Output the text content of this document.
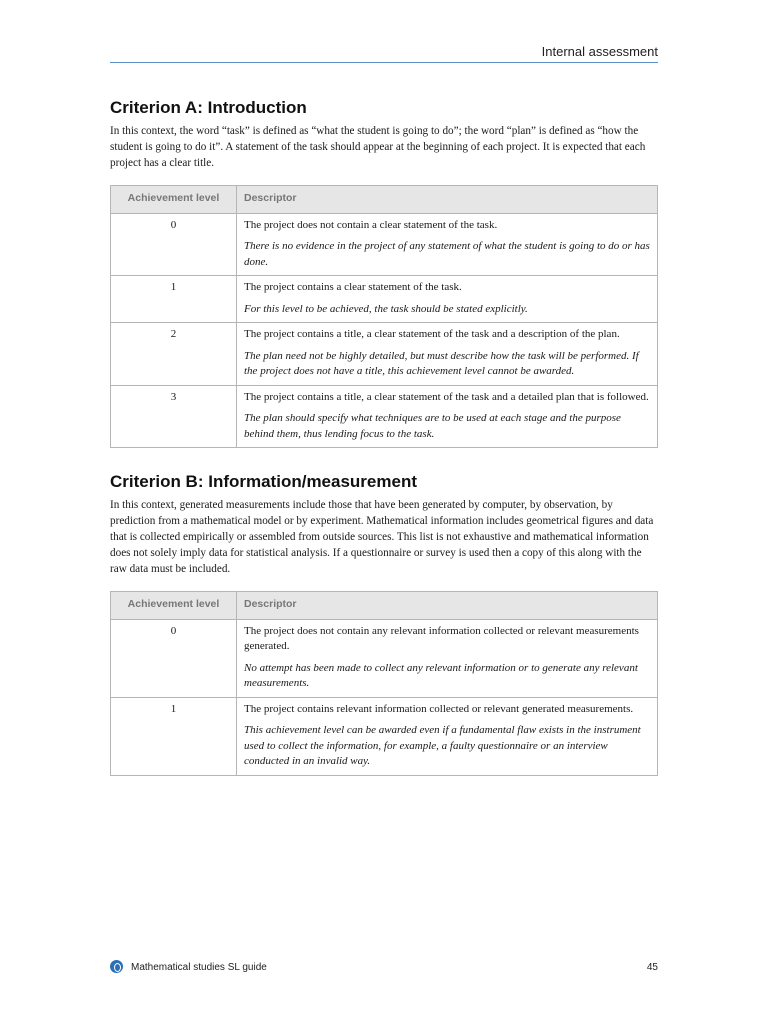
Internal assessment
Criterion A: Introduction

In this context, the word “task” is defined as “what the student is going to do”; the word “plan” is defined as “how the student is going to do it”. A statement of the task should appear at the beginning of each project. It is expected that each project has a clear title.

Achievement level	Descriptor
0	The project does not contain a clear statement of the task.

There is no evidence in the project of any statement of what the student is going to do or has done.

1	The project contains a clear statement of the task.

For this level to be achieved, the task should be stated explicitly.

2	The project contains a title, a clear statement of the task and a description of the plan.

The plan need not be highly detailed, but must describe how the task will be performed. If the project does not have a title, this achievement level cannot be awarded.

3	The project contains a title, a clear statement of the task and a detailed plan that is followed.

The plan should specify what techniques are to be used at each stage and the purpose behind them, thus lending focus to the task.

Criterion B: Information/measurement

In this context, generated measurements include those that have been generated by computer, by observation, by prediction from a mathematical model or by experiment. Mathematical information includes geometrical figures and data that is collected empirically or assembled from outside sources. This list is not exhaustive and mathematical information does not solely imply data for statistical analysis. If a questionnaire or survey is used then a copy of this along with the raw data must be included.

Achievement level	Descriptor
0	The project does not contain any relevant information collected or relevant measurements generated.

No attempt has been made to collect any relevant information or to generate any relevant measurements.

1	The project contains relevant information collected or relevant generated measurements.

This achievement level can be awarded even if a fundamental flaw exists in the instrument used to collect the information, for example, a faulty questionnaire or an interview conducted in an invalid way.

Mathematical studies SL guide	45
